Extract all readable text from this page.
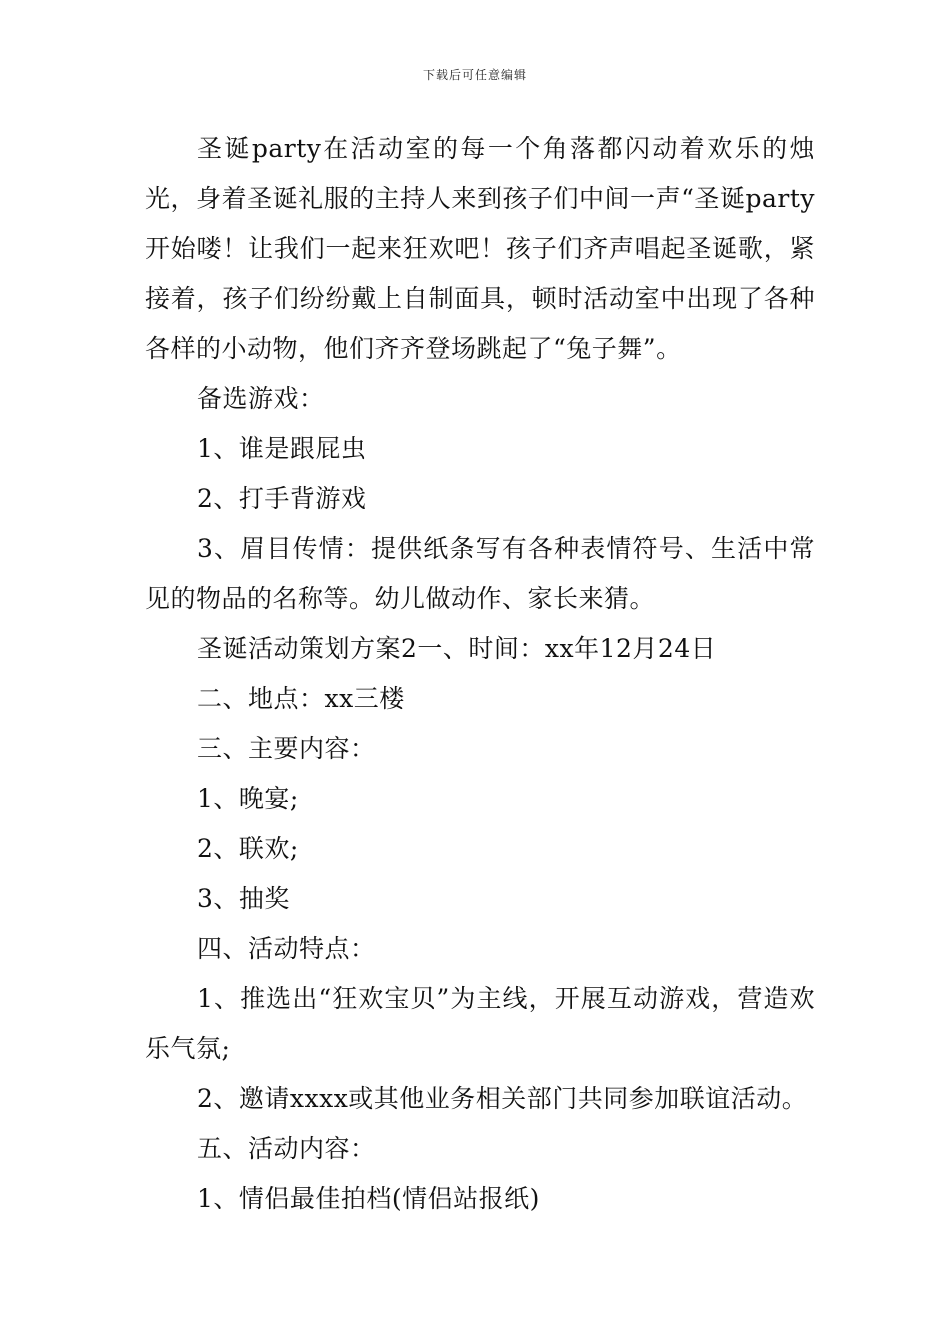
下载后可任意编辑

圣诞party在活动室的每一个角落都闪动着欢乐的烛光，身着圣诞礼服的主持人来到孩子们中间一声“圣诞party开始喽！让我们一起来狂欢吧！孩子们齐声唱起圣诞歌，紧接着，孩子们纷纷戴上自制面具，顿时活动室中出现了各种各样的小动物，他们齐齐登场跳起了“兔子舞”。

备选游戏：

1、谁是跟屁虫

2、打手背游戏

3、眉目传情：提供纸条写有各种表情符号、生活中常见的物品的名称等。幼儿做动作、家长来猜。

圣诞活动策划方案2一、时间：xx年12月24日

二、地点：xx三楼

三、主要内容：

1、晚宴;

2、联欢;

3、抽奖

四、活动特点：

1、推选出“狂欢宝贝”为主线，开展互动游戏，营造欢乐气氛;

2、邀请xxxx或其他业务相关部门共同参加联谊活动。

五、活动内容：

1、情侣最佳拍档(情侣站报纸)
